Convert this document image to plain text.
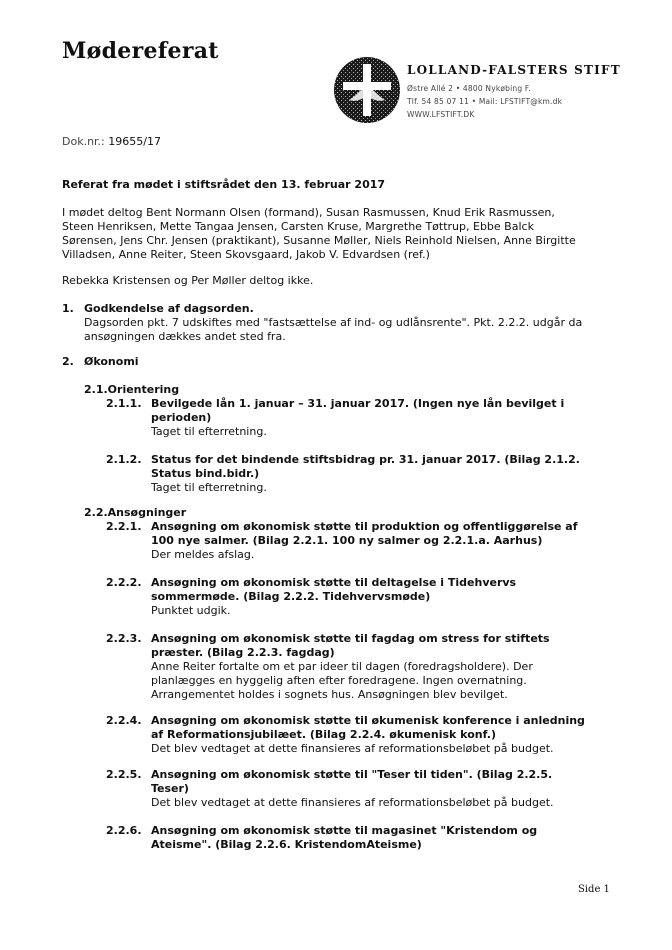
Mødereferat
LOLLAND-FALSTERS STIFT
Østre Allé 2 • 4800 Nykøbing F.
Tlf. 54 85 07 11 • Mail: LFSTIFT@km.dk
WWW.LFSTIFT.DK
Dok.nr.: 19655/17
Referat fra mødet i stiftsrådet den 13. februar 2017
I mødet deltog Bent Normann Olsen (formand), Susan Rasmussen, Knud Erik Rasmussen,
Steen Henriksen, Mette Tangaa Jensen, Carsten Kruse, Margrethe Tøttrup, Ebbe Balck
Sørensen, Jens Chr. Jensen (praktikant), Susanne Møller, Niels Reinhold Nielsen, Anne Birgitte
Villadsen, Anne Reiter, Steen Skovsgaard, Jakob V. Edvardsen (ref.)
Rebekka Kristensen og Per Møller deltog ikke.
1. Godkendelse af dagsorden.
Dagsorden pkt. 7 udskiftes med "fastsættelse af ind- og udlånsrente". Pkt. 2.2.2. udgår da
ansøgningen dækkes andet sted fra.
2. Økonomi
2.1.Orientering
2.1.1. Bevilgede lån 1. januar – 31. januar 2017. (Ingen nye lån bevilget i
perioden)
Taget til efterretning.
2.1.2. Status for det bindende stiftsbidrag pr. 31. januar 2017. (Bilag 2.1.2.
Status bind.bidr.)
Taget til efterretning.
2.2.Ansøgninger
2.2.1. Ansøgning om økonomisk støtte til produktion og offentliggørelse af
100 nye salmer. (Bilag 2.2.1. 100 ny salmer og 2.2.1.a. Aarhus)
Der meldes afslag.
2.2.2. Ansøgning om økonomisk støtte til deltagelse i Tidehvervs
sommermøde. (Bilag 2.2.2. Tidehvervsmøde)
Punktet udgik.
2.2.3. Ansøgning om økonomisk støtte til fagdag om stress for stiftets
præster. (Bilag 2.2.3. fagdag)
Anne Reiter fortalte om et par ideer til dagen (foredragsholdere). Der
planlægges en hyggelig aften efter foredragene. Ingen overnatning.
Arrangementet holdes i sognets hus. Ansøgningen blev bevilget.
2.2.4. Ansøgning om økonomisk støtte til økumenisk konference i anledning
af Reformationsjubilæet. (Bilag 2.2.4. økumenisk konf.)
Det blev vedtaget at dette finansieres af reformationsbeløbet på budget.
2.2.5. Ansøgning om økonomisk støtte til "Teser til tiden". (Bilag 2.2.5.
Teser)
Det blev vedtaget at dette finansieres af reformationsbeløbet på budget.
2.2.6. Ansøgning om økonomisk støtte til magasinet "Kristendom og
Ateisme". (Bilag 2.2.6. KristendomAteisme)
Side 1
